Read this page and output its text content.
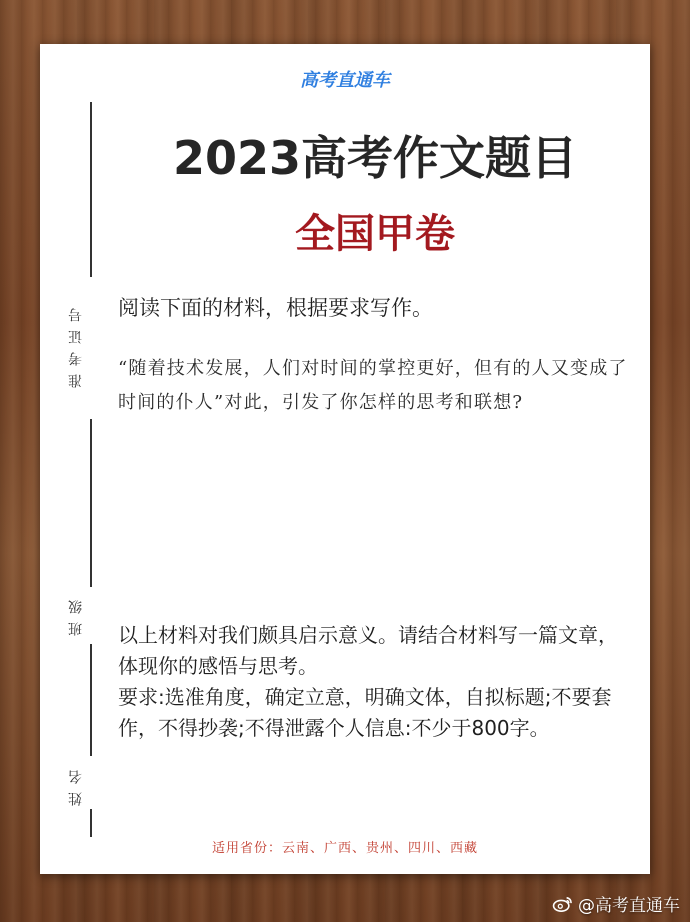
高考直通车
2023高考作文题目
全国甲卷
准考证号
班级
姓名
阅读下面的材料，根据要求写作。
“随着技术发展，人们对时间的掌控更好，但有的人又变成了时间的仆人”对此，引发了你怎样的思考和联想?

以上材料对我们颇具启示意义。请结合材料写一篇文章，体现你的感悟与思考。

要求:选准角度，确定立意，明确文体，自拟标题;不要套作，不得抄袭;不得泄露个人信息:不少于800字。

适用省份：云南、广西、贵州、四川、西藏
@高考直通车
